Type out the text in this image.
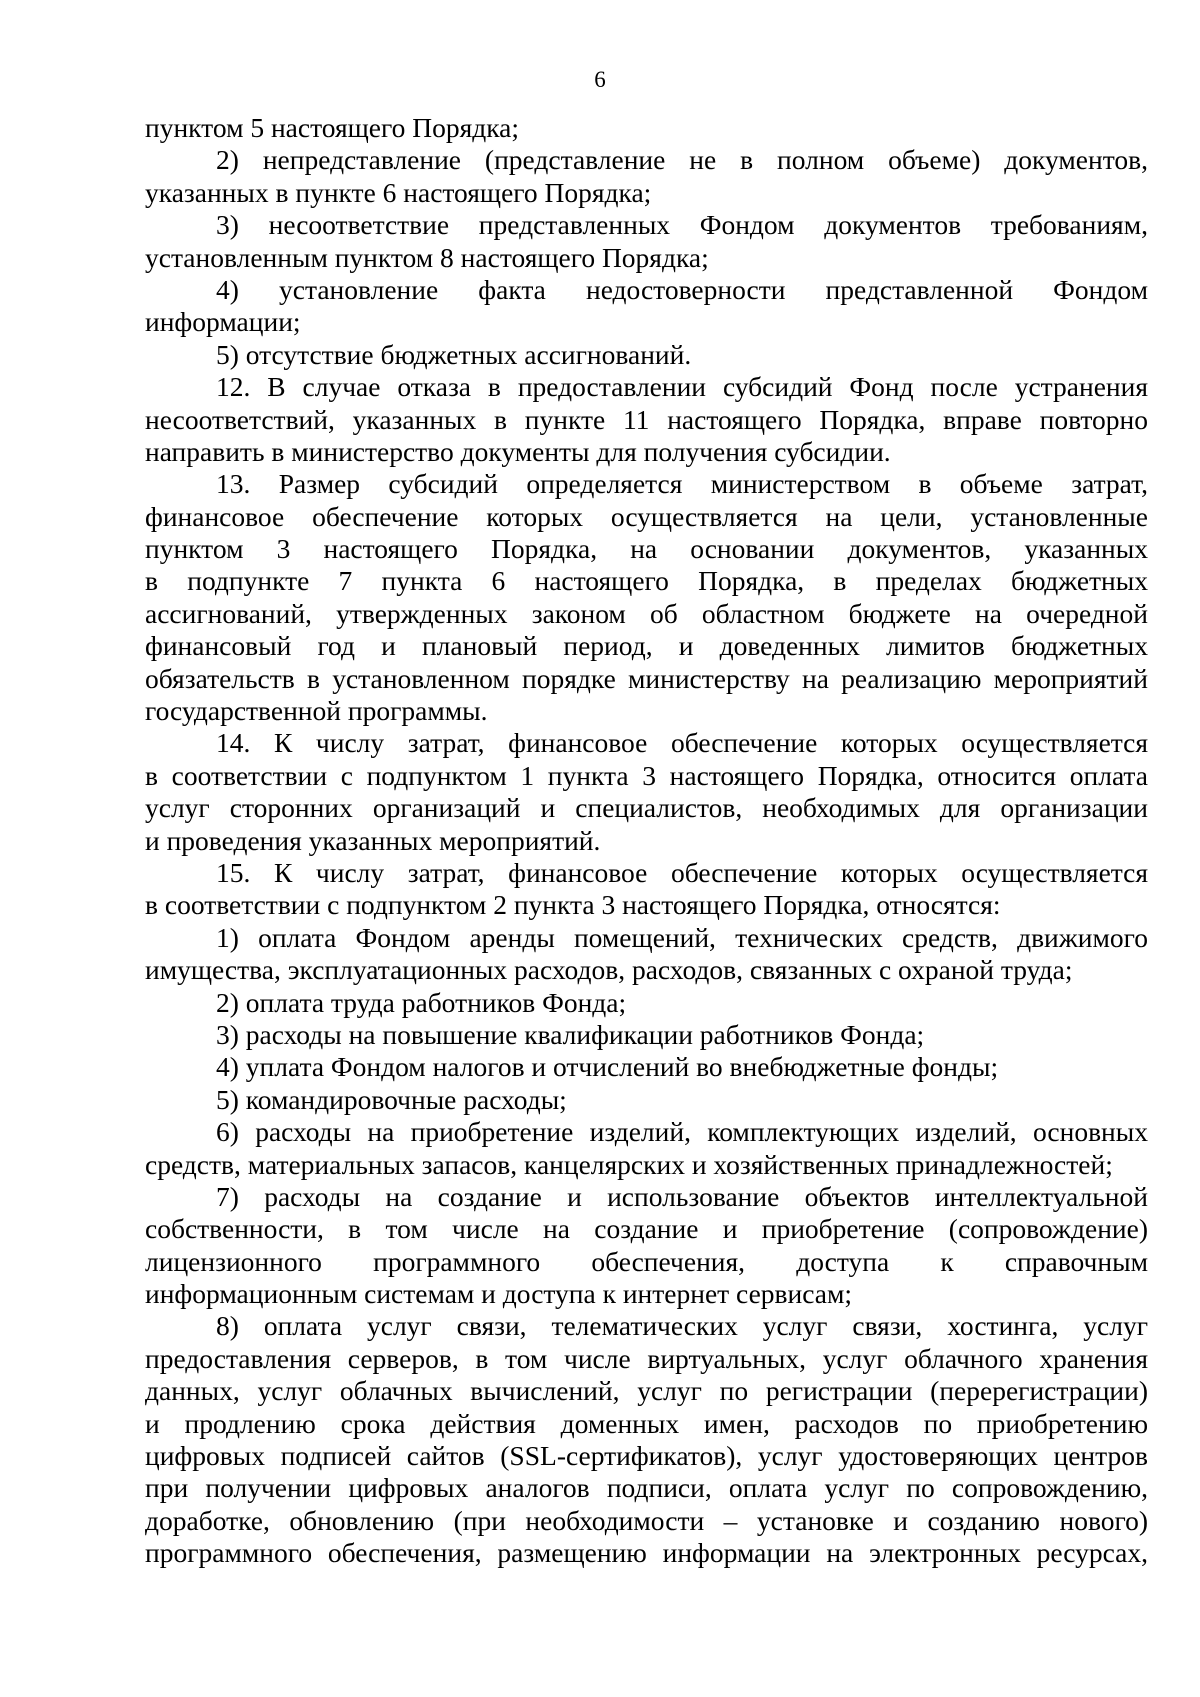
6
пунктом 5 настоящего Порядка;
2) непредставление (представление не в полном объеме) документов,
указанных в пункте 6 настоящего Порядка;
3) несоответствие представленных Фондом документов требованиям,
установленным пунктом 8 настоящего Порядка;
4) установление факта недостоверности представленной Фондом
информации;
5) отсутствие бюджетных ассигнований.
12. В случае отказа в предоставлении субсидий Фонд после устранения
несоответствий, указанных в пункте 11 настоящего Порядка, вправе повторно
направить в министерство документы для получения субсидии.
13. Размер субсидий определяется министерством в объеме затрат,
финансовое обеспечение которых осуществляется на цели, установленные
пунктом 3 настоящего Порядка, на основании документов, указанных
в подпункте 7 пункта 6 настоящего Порядка, в пределах бюджетных
ассигнований, утвержденных законом об областном бюджете на очередной
финансовый год и плановый период, и доведенных лимитов бюджетных
обязательств в установленном порядке министерству на реализацию мероприятий
государственной программы.
14. К числу затрат, финансовое обеспечение которых осуществляется
в соответствии с подпунктом 1 пункта 3 настоящего Порядка, относится оплата
услуг сторонних организаций и специалистов, необходимых для организации
и проведения указанных мероприятий.
15. К числу затрат, финансовое обеспечение которых осуществляется
в соответствии с подпунктом 2 пункта 3 настоящего Порядка, относятся:
1) оплата Фондом аренды помещений, технических средств, движимого
имущества, эксплуатационных расходов, расходов, связанных с охраной труда;
2) оплата труда работников Фонда;
3) расходы на повышение квалификации работников Фонда;
4) уплата Фондом налогов и отчислений во внебюджетные фонды;
5) командировочные расходы;
6) расходы на приобретение изделий, комплектующих изделий, основных
средств, материальных запасов, канцелярских и хозяйственных принадлежностей;
7) расходы на создание и использование объектов интеллектуальной
собственности, в том числе на создание и приобретение (сопровождение)
лицензионного программного обеспечения, доступа к справочным
информационным системам и доступа к интернет сервисам;
8) оплата услуг связи, телематических услуг связи, хостинга, услуг
предоставления серверов, в том числе виртуальных, услуг облачного хранения
данных, услуг облачных вычислений, услуг по регистрации (перерегистрации)
и продлению срока действия доменных имен, расходов по приобретению
цифровых подписей сайтов (SSL-сертификатов), услуг удостоверяющих центров
при получении цифровых аналогов подписи, оплата услуг по сопровождению,
доработке, обновлению (при необходимости – установке и созданию нового)
программного обеспечения, размещению информации на электронных ресурсах,
